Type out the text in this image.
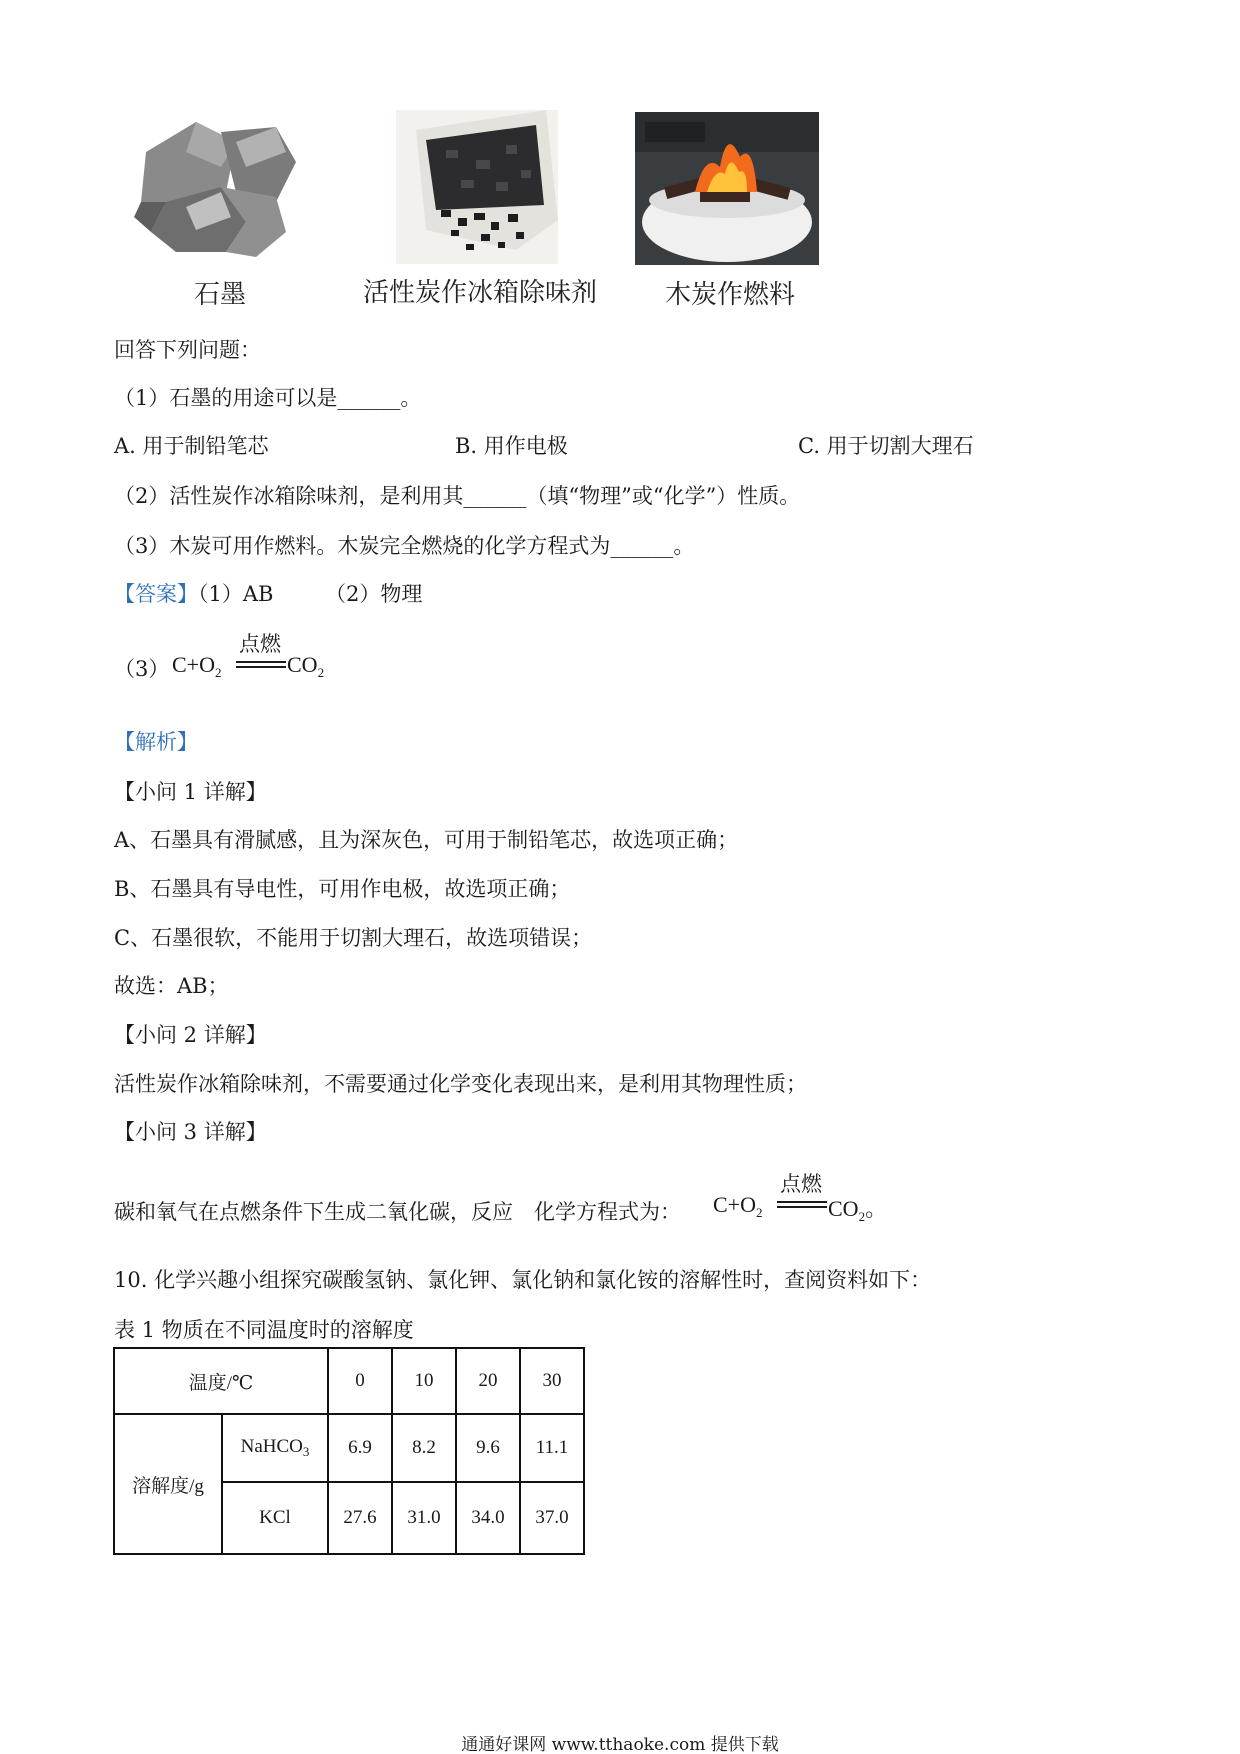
石墨	活性炭作冰箱除味剂	木炭作燃料
回答下列问题：
（1）石墨的用途可以是______。
A. 用于制铅笔芯	B. 用作电极	C. 用于切割大理石
（2）活性炭作冰箱除味剂，是利用其______（填“物理”或“化学”）性质。
（3）木炭可用作燃料。木炭完全燃烧的化学方程式为______。
【答案】（1）AB （2）物理
（3） $C+O_2$
点燃
$CO_2$
【解析】
【小问 1 详解】
A、石墨具有滑腻感，且为深灰色，可用于制铅笔芯，故选项正确；
B、石墨具有导电性，可用作电极，故选项正确；
C、石墨很软，不能用于切割大理石，故选项错误；
故选：AB；
【小问 2 详解】
活性炭作冰箱除味剂，不需要通过化学变化表现出来，是利用其物理性质；
【小问 3 详解】
碳和氧气在点燃条件下生成二氧化碳，反应　化学方程式为： $C+O_2$
点燃
$CO_2$。
10. 化学兴趣小组探究碳酸氢钠、氯化钾、氯化钠和氯化铵的溶解性时，查阅资料如下：
表 1 物质在不同温度时的溶解度
温度/℃		0	10	20	30
溶解度/g	NaHCO$_3$	6.9	8.2	9.6	11.1
	KCl	27.6	31.0	34.0	37.0
通通好课网 www.tthaoke.com 提供下载
